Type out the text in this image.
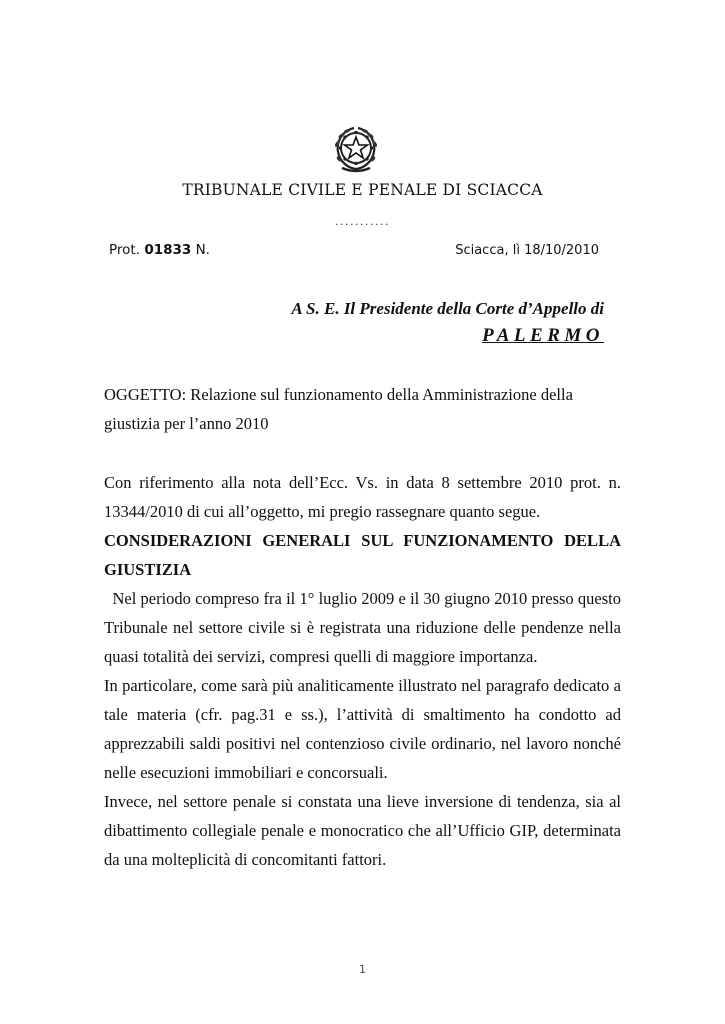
TRIBUNALE CIVILE E PENALE DI SCIACCA
...........
Prot. 01833 N.	Sciacca, lì 18/10/2010
A S. E. Il Presidente della Corte d’Appello di
PALERMO

OGGETTO: Relazione sul funzionamento della Amministrazione della

giustizia per l’anno 2010

Con riferimento alla nota dell’Ecc. Vs. in data 8 settembre 2010 prot. n. 13344/2010 di cui all’oggetto, mi pregio rassegnare quanto segue.

CONSIDERAZIONI GENERALI SUL FUNZIONAMENTO DELLA GIUSTIZIA

Nel periodo compreso fra il 1° luglio 2009 e il 30 giugno 2010 presso questo Tribunale nel settore civile si è registrata una riduzione delle pendenze nella quasi totalità dei servizi, compresi quelli di maggiore importanza.

In particolare, come sarà più analiticamente illustrato nel paragrafo dedicato a tale materia (cfr. pag.31 e ss.), l’attività di smaltimento ha condotto ad apprezzabili saldi positivi nel contenzioso civile ordinario, nel lavoro nonché nelle esecuzioni immobiliari e concorsuali.

Invece, nel settore penale si constata una lieve inversione di tendenza, sia al dibattimento collegiale penale e monocratico che all’Ufficio GIP, determinata da una molteplicità di concomitanti fattori.

1
